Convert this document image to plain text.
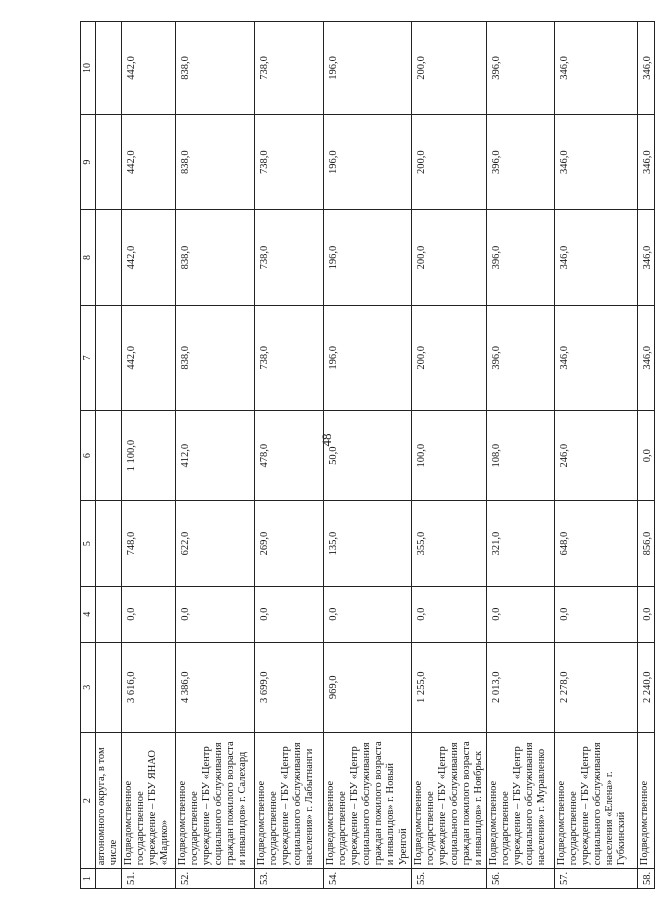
48
1	2	3	4	5	6	7	8	9	10
	автономного округа, в том числе								
51.	Подведомственное государственное учреждение – ГБУ ЯНАО «Мадико»	3 616,0	0,0	748,0	1 100,0	442,0	442,0	442,0	442,0
52.	Подведомственное государственное учреждение – ГБУ «Центр социального обслуживания граждан пожилого возраста и инвалидов» г. Салехард	4 386,0	0,0	622,0	412,0	838,0	838,0	838,0	838,0
53.	Подведомственное государственное учреждение – ГБУ «Центр социального обслуживания населения» г. Лабытнанги	3 699,0	0,0	269,0	478,0	738,0	738,0	738,0	738,0
54.	Подведомственное государственное учреждение – ГБУ «Центр социального обслуживания граждан пожилого возраста и инвалидов» г. Новый Уренгой	969,0	0,0	135,0	50,0	196,0	196,0	196,0	196,0
55.	Подведомственное государственное учреждение – ГБУ «Центр социального обслуживания граждан пожилого возраста и инвалидов» г. Ноябрьск	1 255,0	0,0	355,0	100,0	200,0	200,0	200,0	200,0
56.	Подведомственное государственное учреждение – ГБУ «Центр социального обслуживания населения» г. Муравленко	2 013,0	0,0	321,0	108,0	396,0	396,0	396,0	396,0
57.	Подведомственное государственное учреждение – ГБУ «Центр социального обслуживания населения «Елена» г. Губкинский	2 278,0	0,0	648,0	246,0	346,0	346,0	346,0	346,0
58.	Подведомственное	2 240,0	0,0	856,0	0,0	346,0	346,0	346,0	346,0
